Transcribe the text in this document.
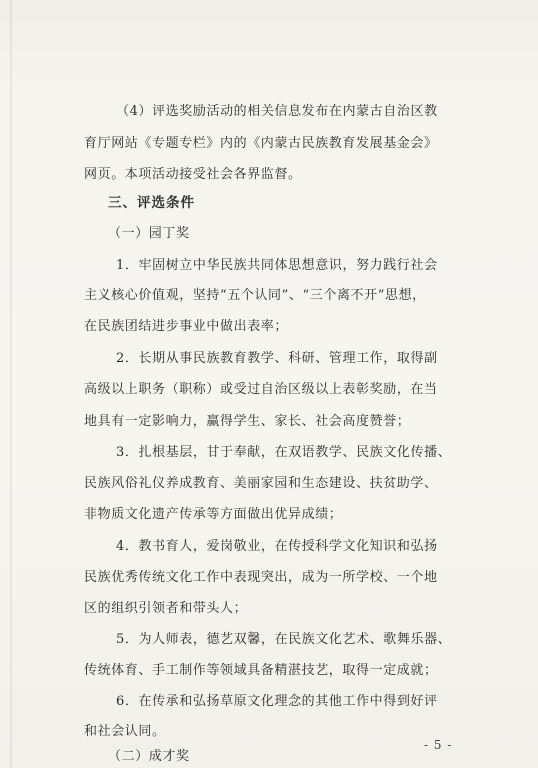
（4）评选奖励活动的相关信息发布在内蒙古自治区教
育厅网站《专题专栏》内的《内蒙古民族教育发展基金会》
网页。本项活动接受社会各界监督。
三、评选条件
（一）园丁奖
1．牢固树立中华民族共同体思想意识，努力践行社会
主义核心价值观，坚持“五个认同”、“三个离不开”思想，
在民族团结进步事业中做出表率；
2．长期从事民族教育教学、科研、管理工作，取得副
高级以上职务（职称）或受过自治区级以上表彰奖励，在当
地具有一定影响力，赢得学生、家长、社会高度赞誉；
3．扎根基层，甘于奉献，在双语教学、民族文化传播、
民族风俗礼仪养成教育、美丽家园和生态建设、扶贫助学、
非物质文化遗产传承等方面做出优异成绩；
4．教书育人，爱岗敬业，在传授科学文化知识和弘扬
民族优秀传统文化工作中表现突出，成为一所学校、一个地
区的组织引领者和带头人；
5．为人师表，德艺双馨，在民族文化艺术、歌舞乐器、
传统体育、手工制作等领域具备精湛技艺，取得一定成就；
6．在传承和弘扬草原文化理念的其他工作中得到好评
和社会认同。
（二）成才奖
- 5 -
